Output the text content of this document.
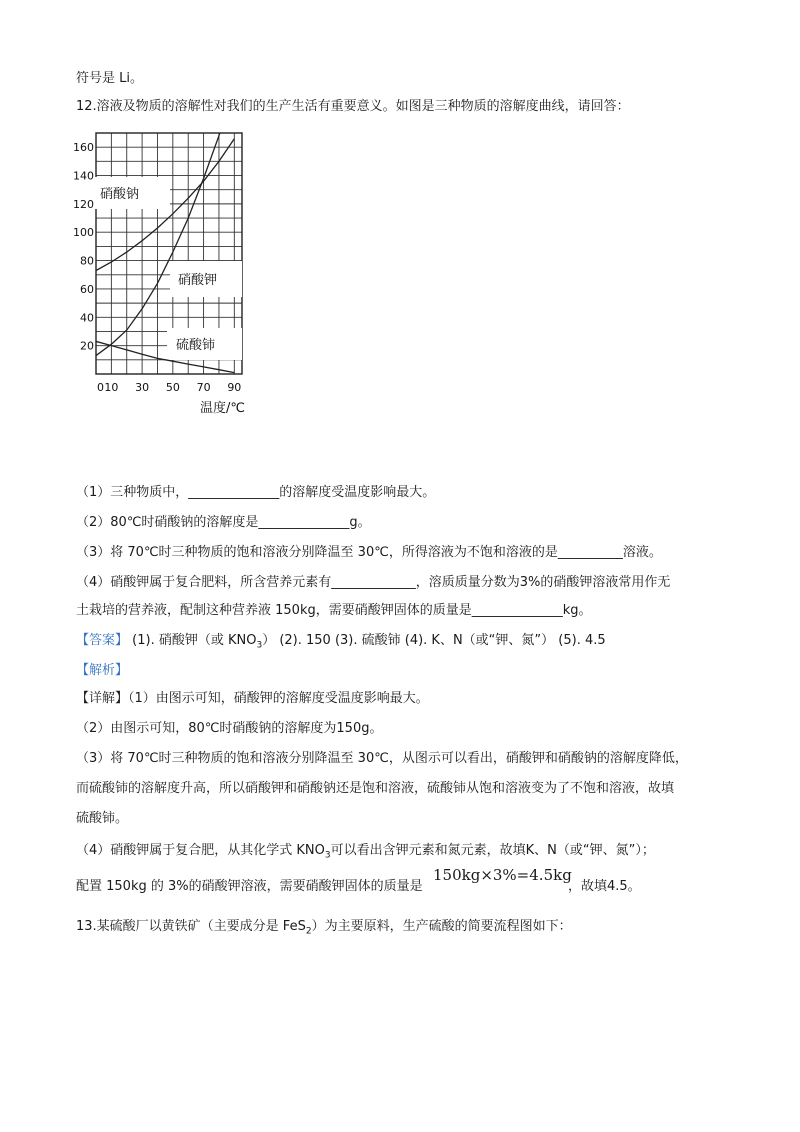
符号是 Li。
12.溶液及物质的溶解性对我们的生产生活有重要意义。如图是三种物质的溶解度曲线，请回答：
硝酸钠
硝酸钾
硫酸铈
20
40
60
80
100
120
140
160
0 10 30 50 70 90
温度/℃
（1）三种物质中，______________的溶解度受温度影响最大。
（2）80℃时硝酸钠的溶解度是______________g。
（3）将 70℃时三种物质的饱和溶液分别降温至 30℃，所得溶液为不饱和溶液的是__________溶液。
（4）硝酸钾属于复合肥料，所含营养元素有_____________，溶质质量分数为3%的硝酸钾溶液常用作无
土栽培的营养液，配制这种营养液 150kg，需要硝酸钾固体的质量是______________kg。
【答案】 (1). 硝酸钾（或 $KNO_3$） (2). 150 (3). 硫酸铈 (4). K、N（或“钾、氮”） (5). 4.5
【解析】
【详解】（1）由图示可知，硝酸钾的溶解度受温度影响最大。
（2）由图示可知，80℃时硝酸钠的溶解度为150g。
（3）将 70℃时三种物质的饱和溶液分别降温至 30℃，从图示可以看出，硝酸钾和硝酸钠的溶解度降低，
而硫酸铈的溶解度升高，所以硝酸钾和硝酸钠还是饱和溶液，硫酸铈从饱和溶液变为了不饱和溶液，故填
硫酸铈。
（4）硝酸钾属于复合肥，从其化学式 $KNO_3$可以看出含钾元素和氮元素，故填K、N（或“钾、氮”）；
配置 150kg 的 3%的硝酸钾溶液，需要硝酸钾固体的质量是
150kg×3%=4.5kg
，故填4.5。
13.某硫酸厂以黄铁矿（主要成分是 FeS$_2$）为主要原料，生产硫酸的简要流程图如下：
